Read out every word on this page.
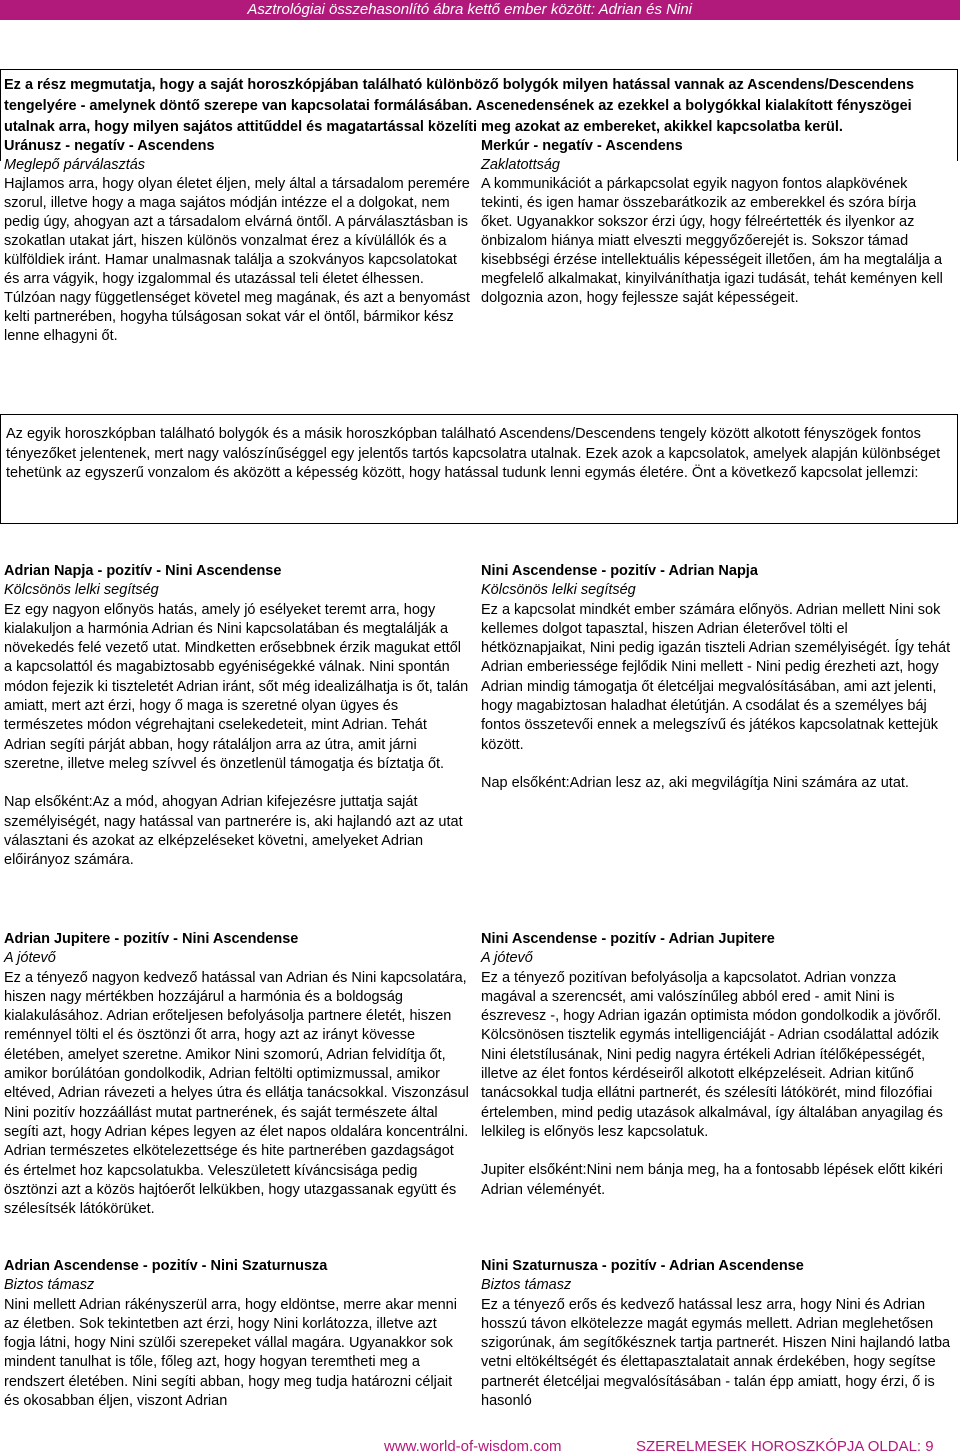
Asztrológiai összehasonlító ábra kettő ember között: Adrian és Nini
Ez a rész megmutatja, hogy a saját horoszkópjában található különböző bolygók milyen hatással vannak az Ascendens/Descendens tengelyére - amelynek döntő szerepe van kapcsolatai formálásában. Ascenedensének az ezekkel a bolygókkal kialakított fényszögei utalnak arra, hogy milyen sajátos attitűddel és magatartással közelíti meg azokat az embereket, akikkel kapcsolatba kerül.
Uránusz - negatív - Ascendens
Meglepő párválasztás

Hajlamos arra, hogy olyan életet éljen, mely által a társadalom peremére szorul, illetve hogy a maga sajátos módján intézze el a dolgokat, nem pedig úgy, ahogyan azt a társadalom elvárná öntől. A párválasztásban is szokatlan utakat járt, hiszen különös vonzalmat érez a kívülállók és a külföldiek iránt. Hamar unalmasnak találja a szokványos kapcsolatokat és arra vágyik, hogy izgalommal és utazással teli életet élhessen. Túlzóan nagy függetlenséget követel meg magának, és azt a benyomást kelti partnerében, hogyha túlságosan sokat vár el öntől, bármikor kész lenne elhagyni őt.

Merkúr - negatív - Ascendens
Zaklatottság

A kommunikációt a párkapcsolat egyik nagyon fontos alapkövének tekinti, és igen hamar összebarátkozik az emberekkel és szóra bírja őket. Ugyanakkor sokszor érzi úgy, hogy félreértették és ilyenkor az önbizalom hiánya miatt elveszti meggyőzőerejét is. Sokszor támad kisebbségi érzése intellektuális képességeit illetően, ám ha megtalálja a megfelelő alkalmakat, kinyilváníthatja igazi tudását, tehát keményen kell dolgoznia azon, hogy fejlessze saját képességeit.

Az egyik horoszkópban található bolygók és a másik horoszkópban található Ascendens/Descendens tengely között alkotott fényszögek fontos tényezőket jelentenek, mert nagy valószínűséggel egy jelentős tartós kapcsolatra utalnak. Ezek azok a kapcsolatok, amelyek alapján különbséget tehetünk az egyszerű vonzalom és aközött a képesség között, hogy hatással tudunk lenni egymás életére. Önt a következő kapcsolat jellemzi:
Adrian Napja - pozitív - Nini Ascendense
Kölcsönös lelki segítség

Ez egy nagyon előnyös hatás, amely jó esélyeket teremt arra, hogy kialakuljon a harmónia Adrian és Nini kapcsolatában és megtalálják a növekedés felé vezető utat. Mindketten erősebbnek érzik magukat ettől a kapcsolattól és magabiztosabb egyéniségekké válnak. Nini spontán módon fejezik ki tiszteletét Adrian iránt, sőt még idealizálhatja is őt, talán amiatt, mert azt érzi, hogy ő maga is szeretné olyan ügyes és természetes módon végrehajtani cselekedeteit, mint Adrian. Tehát Adrian segíti párját abban, hogy rátaláljon arra az útra, amit járni szeretne, illetve meleg szívvel és önzetlenül támogatja és bíztatja őt.

Nap elsőként:Az a mód, ahogyan Adrian kifejezésre juttatja saját személyiségét, nagy hatással van partnerére is, aki hajlandó azt az utat választani és azokat az elképzeléseket követni, amelyeket Adrian előirányoz számára.

Nini Ascendense - pozitív - Adrian Napja
Kölcsönös lelki segítség

Ez a kapcsolat mindkét ember számára előnyös. Adrian mellett Nini sok kellemes dolgot tapasztal, hiszen Adrian életerővel tölti el hétköznapjaikat, Nini pedig igazán tiszteli Adrian személyiségét. Így tehát Adrian emberiessége fejlődik Nini mellett - Nini pedig érezheti azt, hogy Adrian mindig támogatja őt életcéljai megvalósításában, ami azt jelenti, hogy magabiztosan haladhat életútján. A csodálat és a személyes báj fontos összetevői ennek a melegszívű és játékos kapcsolatnak kettejük között.

Nap elsőként:Adrian lesz az, aki megvilágítja Nini számára az utat.

Adrian Jupitere - pozitív - Nini Ascendense
A jótevő

Ez a tényező nagyon kedvező hatással van Adrian és Nini kapcsolatára, hiszen nagy mértékben hozzájárul a harmónia és a boldogság kialakulásához. Adrian erőteljesen befolyásolja partnere életét, hiszen reménnyel tölti el és ösztönzi őt arra, hogy azt az irányt kövesse életében, amelyet szeretne. Amikor Nini szomorú, Adrian felvidítja őt, amikor borúlátóan gondolkodik, Adrian feltölti optimizmussal, amikor eltéved, Adrian rávezeti a helyes útra és ellátja tanácsokkal. Viszonzásul Nini pozitív hozzáállást mutat partnerének, és saját természete által segíti azt, hogy Adrian képes legyen az élet napos oldalára koncentrálni. Adrian természetes elkötelezettsége és hite partnerében gazdagságot és értelmet hoz kapcsolatukba. Veleszületett kíváncsisága pedig ösztönzi azt a közös hajtóerőt lelkükben, hogy utazgassanak együtt és szélesítsék látókörüket.

Nini Ascendense - pozitív - Adrian Jupitere
A jótevő

Ez a tényező pozitívan befolyásolja a kapcsolatot. Adrian vonzza magával a szerencsét, ami valószínűleg abból ered - amit Nini is észrevesz -, hogy Adrian igazán optimista módon gondolkodik a jövőről. Kölcsönösen tisztelik egymás intelligenciáját - Adrian csodálattal adózik Nini életstílusának, Nini pedig nagyra értékeli Adrian ítélőképességét, illetve az élet fontos kérdéseiről alkotott elképzeléseit. Adrian kitűnő tanácsokkal tudja ellátni partnerét, és szélesíti látókörét, mind filozófiai értelemben, mind pedig utazások alkalmával, így általában anyagilag és lelkileg is előnyös lesz kapcsolatuk.

Jupiter elsőként:Nini nem bánja meg, ha a fontosabb lépések előtt kikéri Adrian véleményét.

Adrian Ascendense - pozitív - Nini Szaturnusza
Biztos támasz

Nini mellett Adrian rákényszerül arra, hogy eldöntse, merre akar menni az életben. Sok tekintetben azt érzi, hogy Nini korlátozza, illetve azt fogja látni, hogy Nini szülői szerepeket vállal magára. Ugyanakkor sok mindent tanulhat is tőle, főleg azt, hogy hogyan teremtheti meg a rendszert életében. Nini segíti abban, hogy meg tudja határozni céljait és okosabban éljen, viszont Adrian

Nini Szaturnusza - pozitív - Adrian Ascendense
Biztos támasz

Ez a tényező erős és kedvező hatással lesz arra, hogy Nini és Adrian hosszú távon elkötelezze magát egymás mellett. Adrian meglehetősen szigorúnak, ám segítőkésznek tartja partnerét. Hiszen Nini hajlandó latba vetni eltökéltségét és élettapasztalatait annak érdekében, hogy segítse partnerét életcéljai megvalósításában - talán épp amiatt, hogy érzi, ő is hasonló

www.world-of-wisdom.com	SZERELMESEK HOROSZKÓPJA OLDAL: 9
